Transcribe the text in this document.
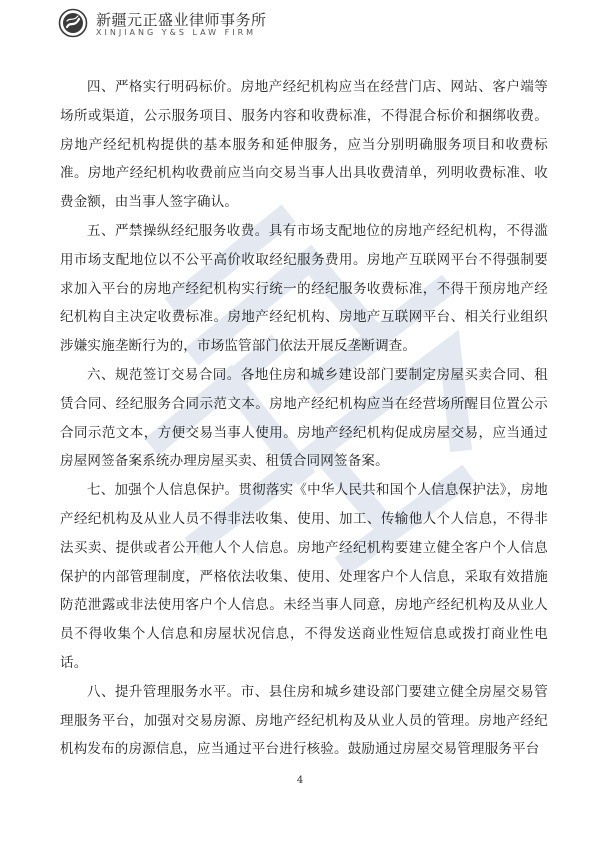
新疆元正盛业律师事务所
XINJIANG Y&S LAW FIRM

四、严格实行明码标价。房地产经纪机构应当在经营门店、网站、客户端等场所或渠道，公示服务项目、服务内容和收费标准，不得混合标价和捆绑收费。房地产经纪机构提供的基本服务和延伸服务，应当分别明确服务项目和收费标准。房地产经纪机构收费前应当向交易当事人出具收费清单，列明收费标准、收费金额，由当事人签字确认。

五、严禁操纵经纪服务收费。具有市场支配地位的房地产经纪机构，不得滥用市场支配地位以不公平高价收取经纪服务费用。房地产互联网平台不得强制要求加入平台的房地产经纪机构实行统一的经纪服务收费标准，不得干预房地产经纪机构自主决定收费标准。房地产经纪机构、房地产互联网平台、相关行业组织涉嫌实施垄断行为的，市场监管部门依法开展反垄断调查。

六、规范签订交易合同。各地住房和城乡建设部门要制定房屋买卖合同、租赁合同、经纪服务合同示范文本。房地产经纪机构应当在经营场所醒目位置公示合同示范文本，方便交易当事人使用。房地产经纪机构促成房屋交易，应当通过房屋网签备案系统办理房屋买卖、租赁合同网签备案。

七、加强个人信息保护。贯彻落实《中华人民共和国个人信息保护法》，房地产经纪机构及从业人员不得非法收集、使用、加工、传输他人个人信息，不得非法买卖、提供或者公开他人个人信息。房地产经纪机构要建立健全客户个人信息保护的内部管理制度，严格依法收集、使用、处理客户个人信息，采取有效措施防范泄露或非法使用客户个人信息。未经当事人同意，房地产经纪机构及从业人员不得收集个人信息和房屋状况信息，不得发送商业性短信息或拨打商业性电话。

八、提升管理服务水平。市、县住房和城乡建设部门要建立健全房屋交易管理服务平台，加强对交易房源、房地产经纪机构及从业人员的管理。房地产经纪机构发布的房源信息，应当通过平台进行核验。鼓励通过房屋交易管理服务平台

4
